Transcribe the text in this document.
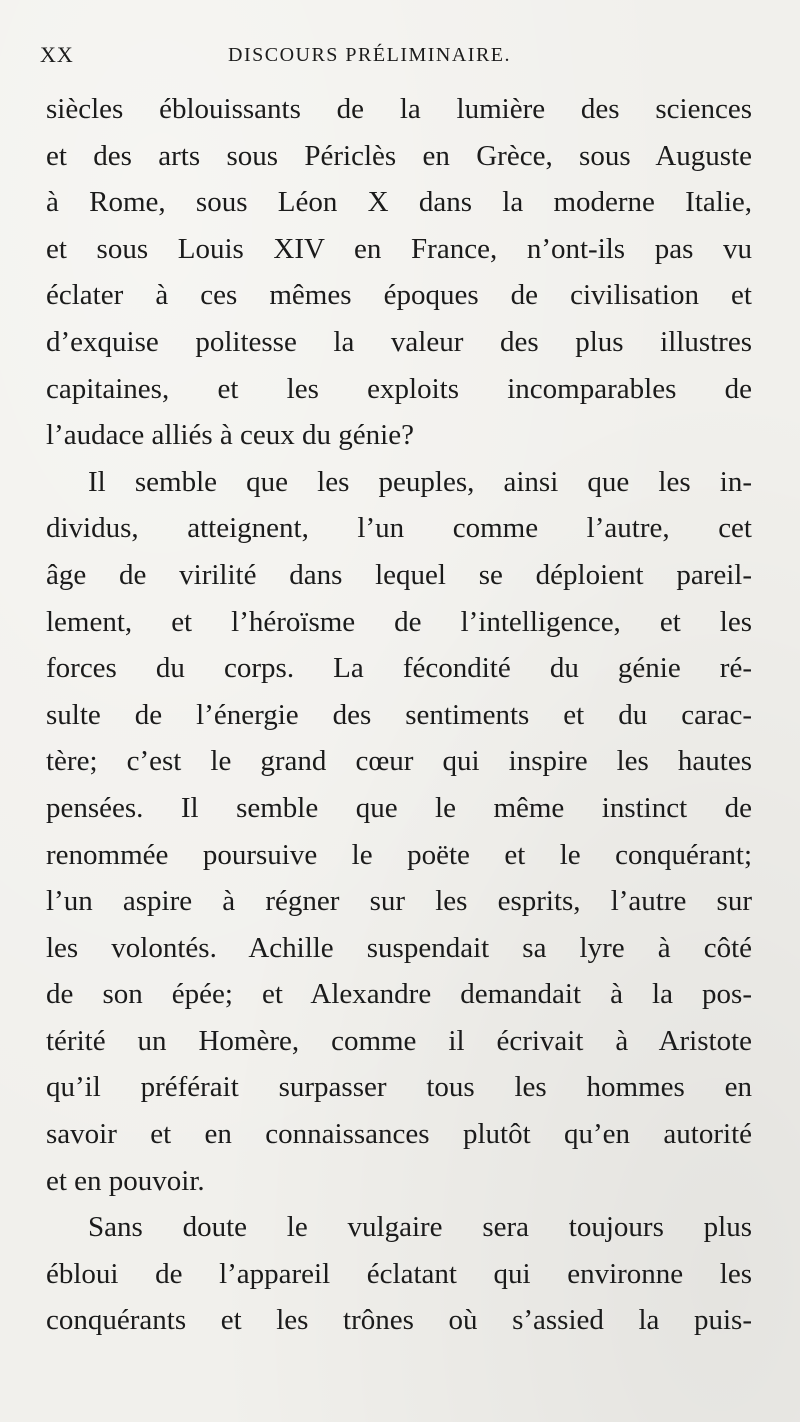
XX	DISCOURS PRÉLIMINAIRE.
siècles éblouissants de la lumière des sciences
et des arts sous Périclès en Grèce, sous Auguste
à Rome, sous Léon X dans la moderne Italie,
et sous Louis XIV en France, n’ont-ils pas vu
éclater à ces mêmes époques de civilisation et
d’exquise politesse la valeur des plus illustres
capitaines, et les exploits incomparables de
l’audace alliés à ceux du génie?
Il semble que les peuples, ainsi que les in-
dividus, atteignent, l’un comme l’autre, cet
âge de virilité dans lequel se déploient pareil-
lement, et l’héroïsme de l’intelligence, et les
forces du corps. La fécondité du génie ré-
sulte de l’énergie des sentiments et du carac-
tère; c’est le grand cœur qui inspire les hautes
pensées. Il semble que le même instinct de
renommée poursuive le poëte et le conquérant;
l’un aspire à régner sur les esprits, l’autre sur
les volontés. Achille suspendait sa lyre à côté
de son épée; et Alexandre demandait à la pos-
térité un Homère, comme il écrivait à Aristote
qu’il préférait surpasser tous les hommes en
savoir et en connaissances plutôt qu’en autorité
et en pouvoir.
Sans doute le vulgaire sera toujours plus
ébloui de l’appareil éclatant qui environne les
conquérants et les trônes où s’assied la puis-
